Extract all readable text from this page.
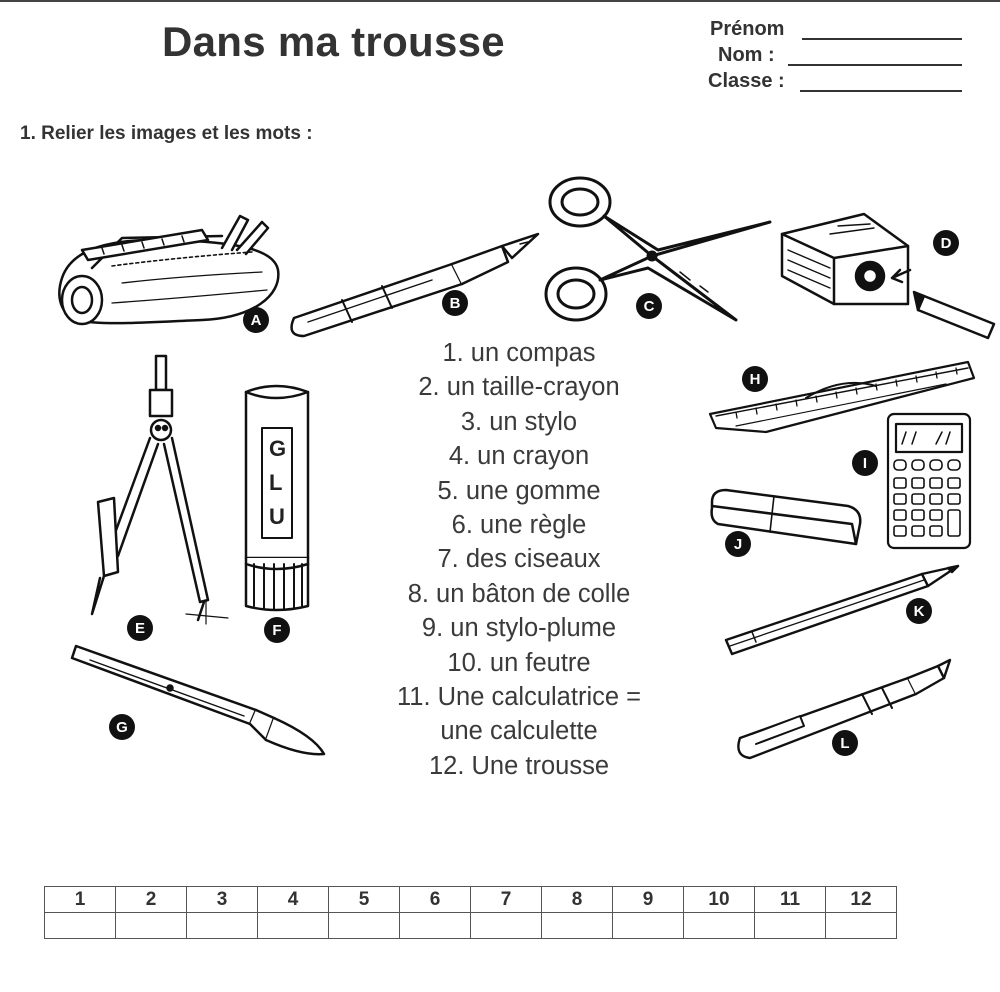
Dans ma trousse	Prénom
Nom :
Classe :
1. Relier les images et les mots :
1. un compas
2. un taille-crayon
3. un stylo
4. un crayon
5. une gomme
6. une règle
7. des ciseaux
8. un bâton de colle
9. un stylo-plume
10. un feutre
11. Une calculatrice =
une calculette
12. Une trousse
A
B	C
D
E
GLU
F
G
H
I
J
K
L
1	2	3	4	5	6	7	8	9	10	11	12
